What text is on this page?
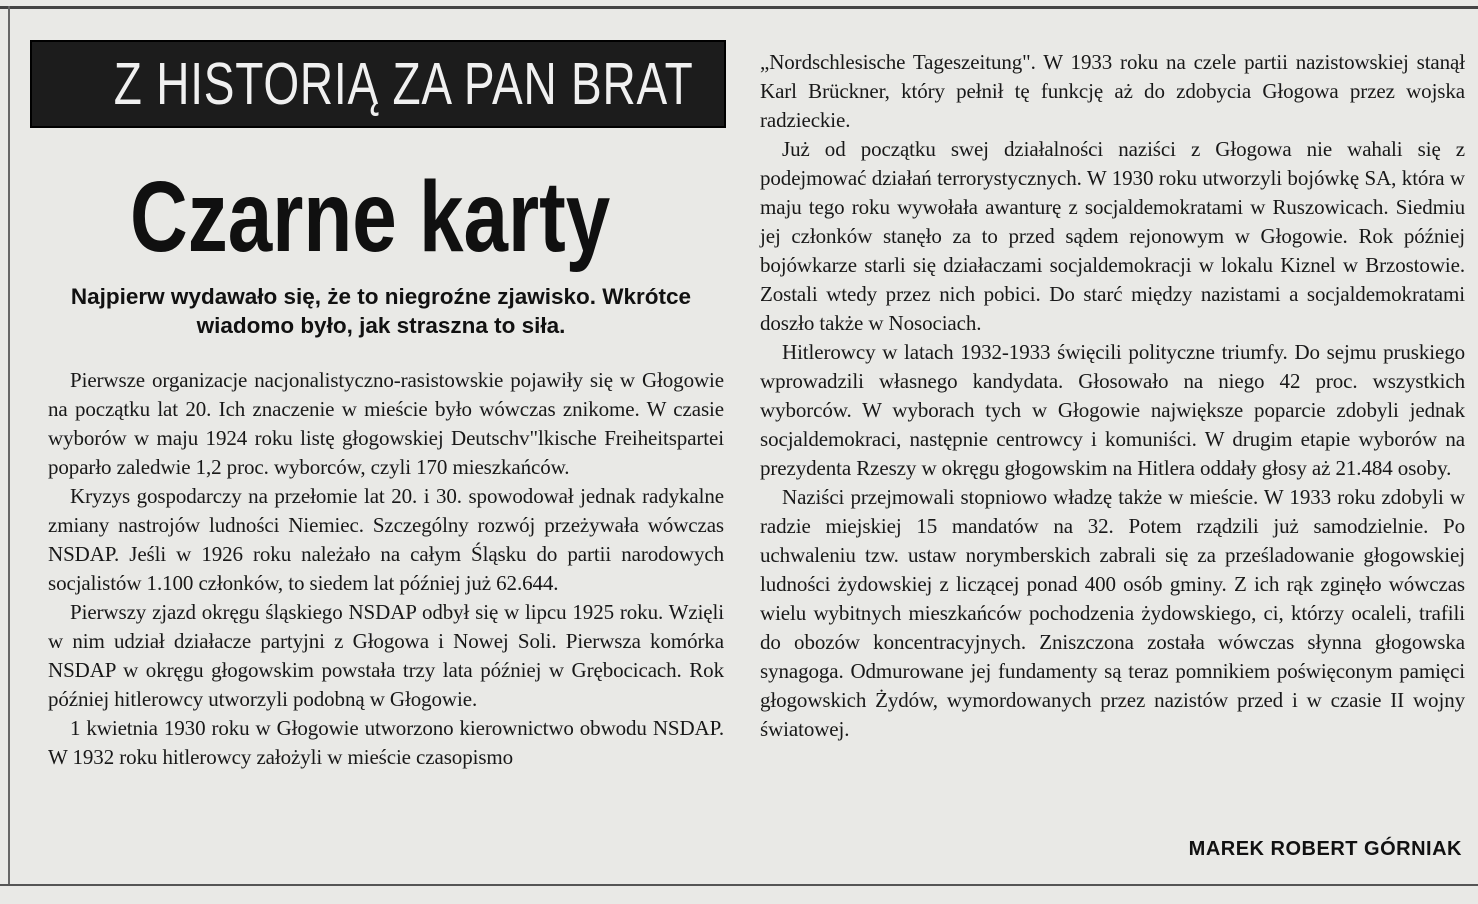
Z HISTORIĄ ZA PAN BRAT
Czarne karty
Najpierw wydawało się, że to niegroźne zjawisko. Wkrótce wiadomo było, jak straszna to siła.

Pierwsze organizacje nacjonalistyczno-rasistowskie pojawiły się w Głogowie na początku lat 20. Ich znaczenie w mieście było wówczas znikome. W czasie wyborów w maju 1924 roku listę głogowskiej Deutschv"lkische Freiheitspartei poparło zaledwie 1,2 proc. wyborców, czyli 170 mieszkańców.

Kryzys gospodarczy na przełomie lat 20. i 30. spowodował jednak radykalne zmiany nastrojów ludności Niemiec. Szczególny rozwój przeżywała wówczas NSDAP. Jeśli w 1926 roku należało na całym Śląsku do partii narodowych socjalistów 1.100 członków, to siedem lat później już 62.644.

Pierwszy zjazd okręgu śląskiego NSDAP odbył się w lipcu 1925 roku. Wzięli w nim udział działacze partyjni z Głogowa i Nowej Soli. Pierwsza komórka NSDAP w okręgu głogowskim powstała trzy lata później w Grębocicach. Rok później hitlerowcy utworzyli podobną w Głogowie.

1 kwietnia 1930 roku w Głogowie utworzono kierownictwo obwodu NSDAP. W 1932 roku hitlerowcy założyli w mieście czasopismo

„Nordschlesische Tageszeitung". W 1933 roku na czele partii nazistowskiej stanął Karl Brückner, który pełnił tę funkcję aż do zdobycia Głogowa przez wojska radzieckie.

Już od początku swej działalności naziści z Głogowa nie wahali się z podejmować działań terrorystycznych. W 1930 roku utworzyli bojówkę SA, która w maju tego roku wywołała awanturę z socjaldemokratami w Ruszowicach. Siedmiu jej członków stanęło za to przed sądem rejonowym w Głogowie. Rok później bojówkarze starli się działaczami socjaldemokracji w lokalu Kiznel w Brzostowie. Zostali wtedy przez nich pobici. Do starć między nazistami a socjaldemokratami doszło także w Nosociach.

Hitlerowcy w latach 1932-1933 święcili polityczne triumfy. Do sejmu pruskiego wprowadzili własnego kandydata. Głosowało na niego 42 proc. wszystkich wyborców. W wyborach tych w Głogowie największe poparcie zdobyli jednak socjaldemokraci, następnie centrowcy i komuniści. W drugim etapie wyborów na prezydenta Rzeszy w okręgu głogowskim na Hitlera oddały głosy aż 21.484 osoby.

Naziści przejmowali stopniowo władzę także w mieście. W 1933 roku zdobyli w radzie miejskiej 15 mandatów na 32. Potem rządzili już samodzielnie. Po uchwaleniu tzw. ustaw norymberskich zabrali się za prześladowanie głogowskiej ludności żydowskiej z liczącej ponad 400 osób gminy. Z ich rąk zginęło wówczas wielu wybitnych mieszkańców pochodzenia żydowskiego, ci, którzy ocaleli, trafili do obozów koncentracyjnych. Zniszczona została wówczas słynna głogowska synagoga. Odmurowane jej fundamenty są teraz pomnikiem poświęconym pamięci głogowskich Żydów, wymordowanych przez nazistów przed i w czasie II wojny światowej.

MAREK ROBERT GÓRNIAK
